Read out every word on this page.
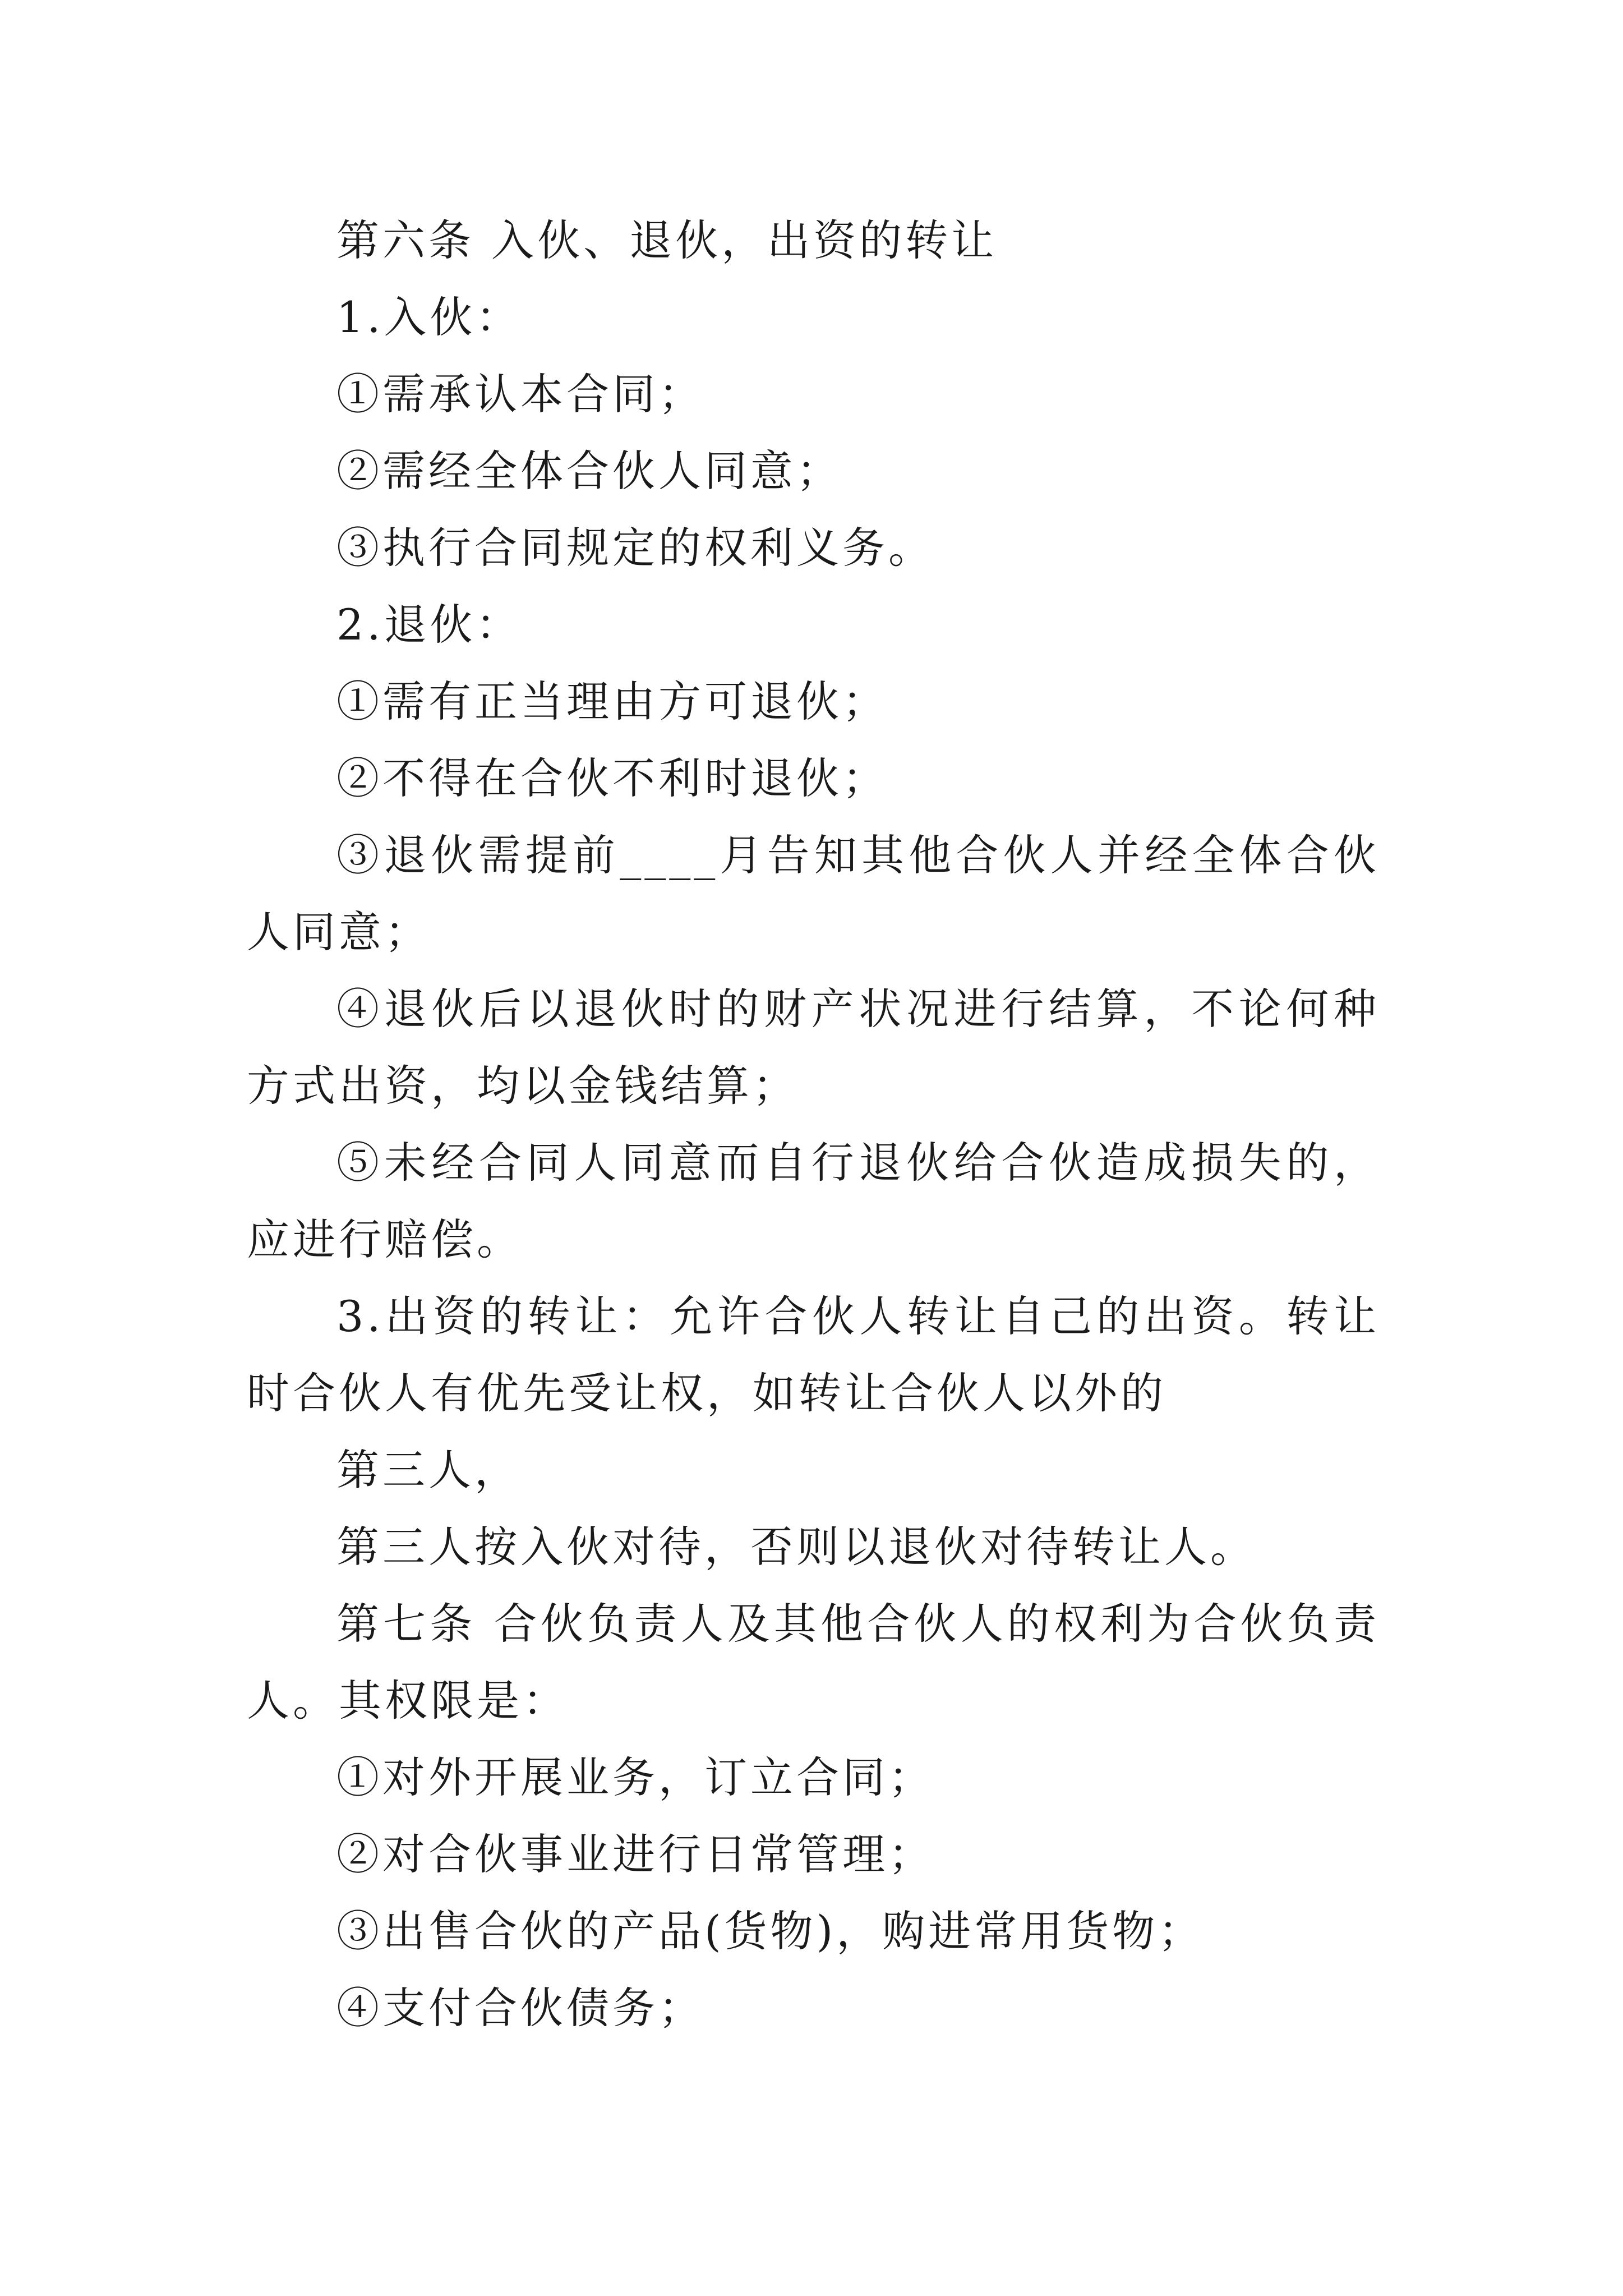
第六条 入伙、退伙，出资的转让

1.入伙：

①需承认本合同；

②需经全体合伙人同意；

③执行合同规定的权利义务。

2.退伙：

①需有正当理由方可退伙；

②不得在合伙不利时退伙；

③退伙需提前____月告知其他合伙人并经全体合伙人同意；

④退伙后以退伙时的财产状况进行结算，不论何种方式出资，均以金钱结算；

⑤未经合同人同意而自行退伙给合伙造成损失的，应进行赔偿。

3.出资的转让：允许合伙人转让自己的出资。转让时合伙人有优先受让权，如转让合伙人以外的

第三人，

第三人按入伙对待，否则以退伙对待转让人。

第七条 合伙负责人及其他合伙人的权利为合伙负责人。其权限是：

①对外开展业务，订立合同；

②对合伙事业进行日常管理；

③出售合伙的产品(货物)，购进常用货物；

④支付合伙债务；
